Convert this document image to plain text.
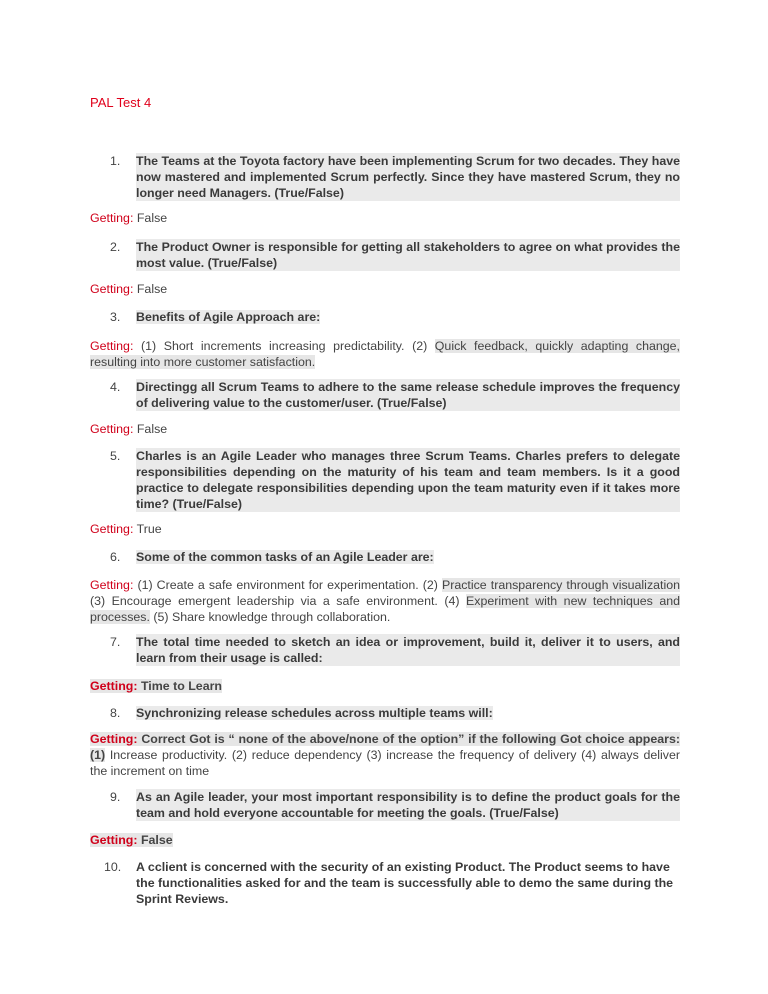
PAL Test 4
1. The Teams at the Toyota factory have been implementing Scrum for two decades. They have now mastered and implemented Scrum perfectly. Since they have mastered Scrum, they no longer need Managers. (True/False)
Getting: False
2. The Product Owner is responsible for getting all stakeholders to agree on what provides the most value. (True/False)
Getting: False
3. Benefits of Agile Approach are:
Getting: (1) Short increments increasing predictability. (2) Quick feedback, quickly adapting change, resulting into more customer satisfaction.
4. Directingg all Scrum Teams to adhere to the same release schedule improves the frequency of delivering value to the customer/user. (True/False)
Getting: False
5. Charles is an Agile Leader who manages three Scrum Teams. Charles prefers to delegate responsibilities depending on the maturity of his team and team members. Is it a good practice to delegate responsibilities depending upon the team maturity even if it takes more time? (True/False)
Getting: True
6. Some of the common tasks of an Agile Leader are:
Getting: (1) Create a safe environment for experimentation. (2) Practice transparency through visualization (3) Encourage emergent leadership via a safe environment. (4) Experiment with new techniques and processes. (5) Share knowledge through collaboration.
7. The total time needed to sketch an idea or improvement, build it, deliver it to users, and learn from their usage is called:
Getting: Time to Learn
8. Synchronizing release schedules across multiple teams will:
Getting: Correct Got is “ none of the above/none of the option” if the following Got choice appears: (1) Increase productivity. (2) reduce dependency (3) increase the frequency of delivery (4) always deliver the increment on time
9. As an Agile leader, your most important responsibility is to define the product goals for the team and hold everyone accountable for meeting the goals. (True/False)
Getting: False
10. A cclient is concerned with the security of an existing Product. The Product seems to have the functionalities asked for and the team is successfully able to demo the same during the Sprint Reviews.
